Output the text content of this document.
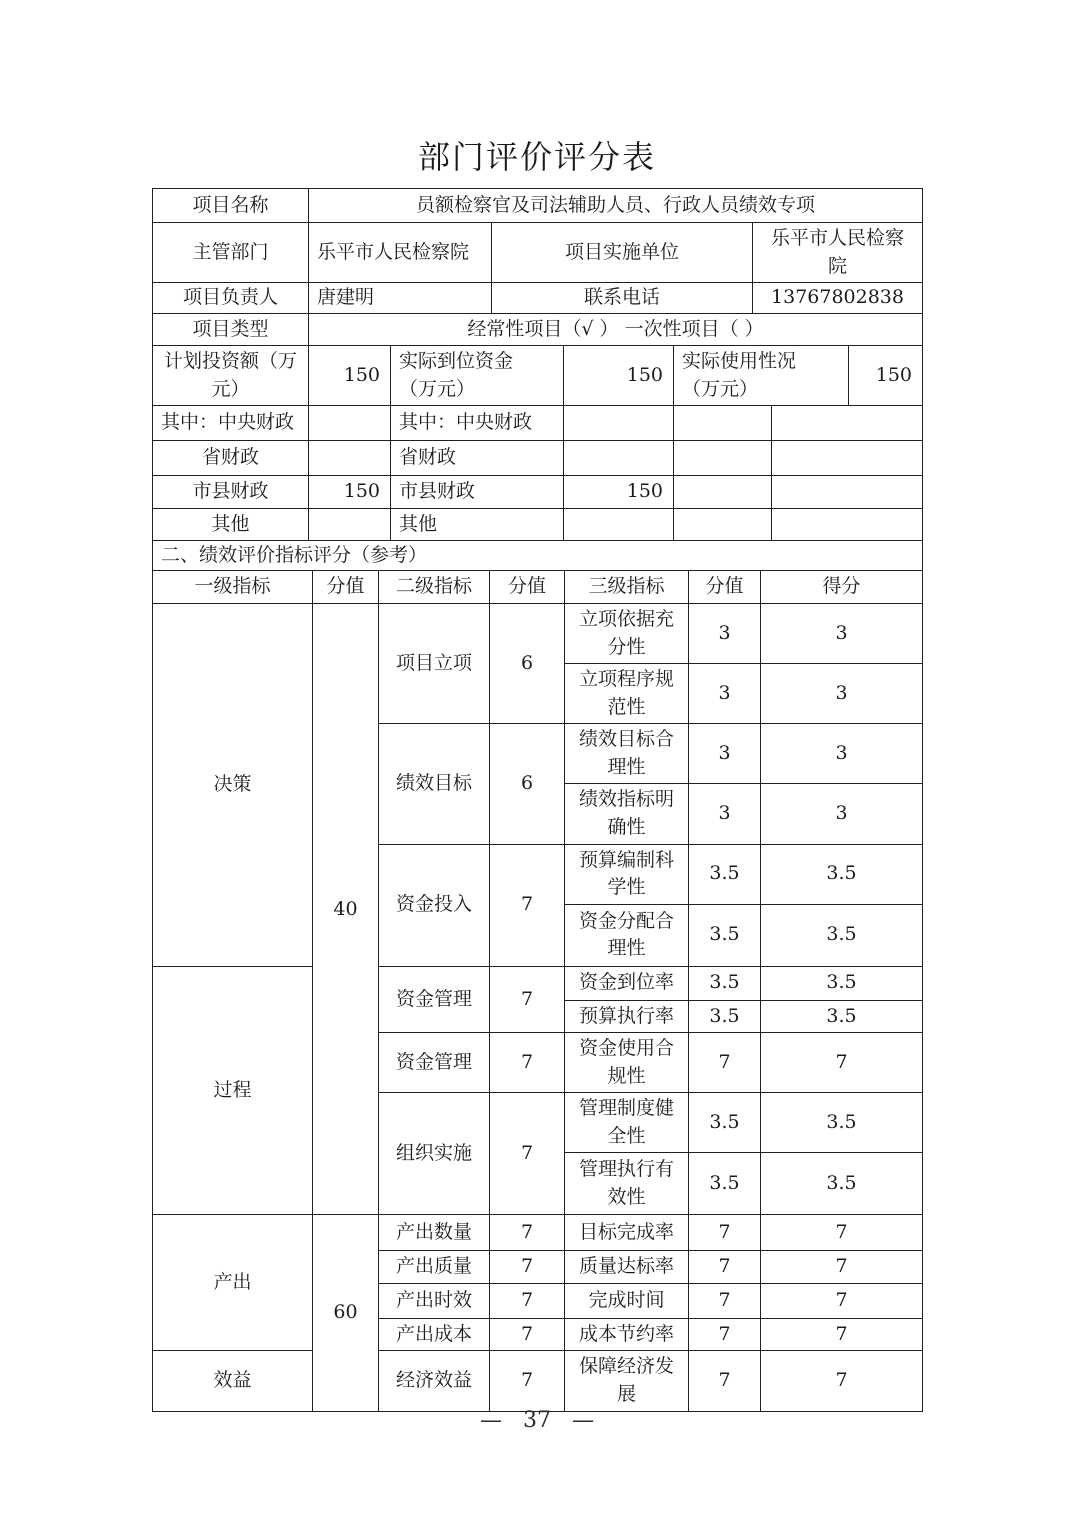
部门评价评分表
项目名称	员额检察官及司法辅助人员、行政人员绩效专项							
主管部门	乐平市人民检察院		项目实施单位			乐平市人民检察院		
项目负责人	唐建明		联系电话			13767802838		
项目类型	经常性项目（√ ） 一次性项目（ ）							
计划投资额（万元）	150	实际到位资金（万元）		150	实际使用性况（万元）			150
其中：中央财政		其中：中央财政						
省财政		省财政						
市县财政	150	市县财政		150				
其他		其他						
二、绩效评价指标评分（参考）								
一级指标	分值	二级指标	分值	三级指标	分值	得分
决策	40	项目立项	6	立项依据充分性	3	3
				立项程序规范性	3	3
		绩效目标	6	绩效目标合理性	3	3
				绩效指标明确性	3	3
		资金投入	7	预算编制科学性	3.5	3.5
				资金分配合理性	3.5	3.5
过程		资金管理	7	资金到位率	3.5	3.5
				预算执行率	3.5	3.5
		资金管理	7	资金使用合规性	7	7
		组织实施	7	管理制度健全性	3.5	3.5
				管理执行有效性	3.5	3.5
产出	60	产出数量	7	目标完成率	7	7
		产出质量	7	质量达标率	7	7
		产出时效	7	完成时间	7	7
		产出成本	7	成本节约率	7	7
效益		经济效益	7	保障经济发展	7	7
— 37 —
